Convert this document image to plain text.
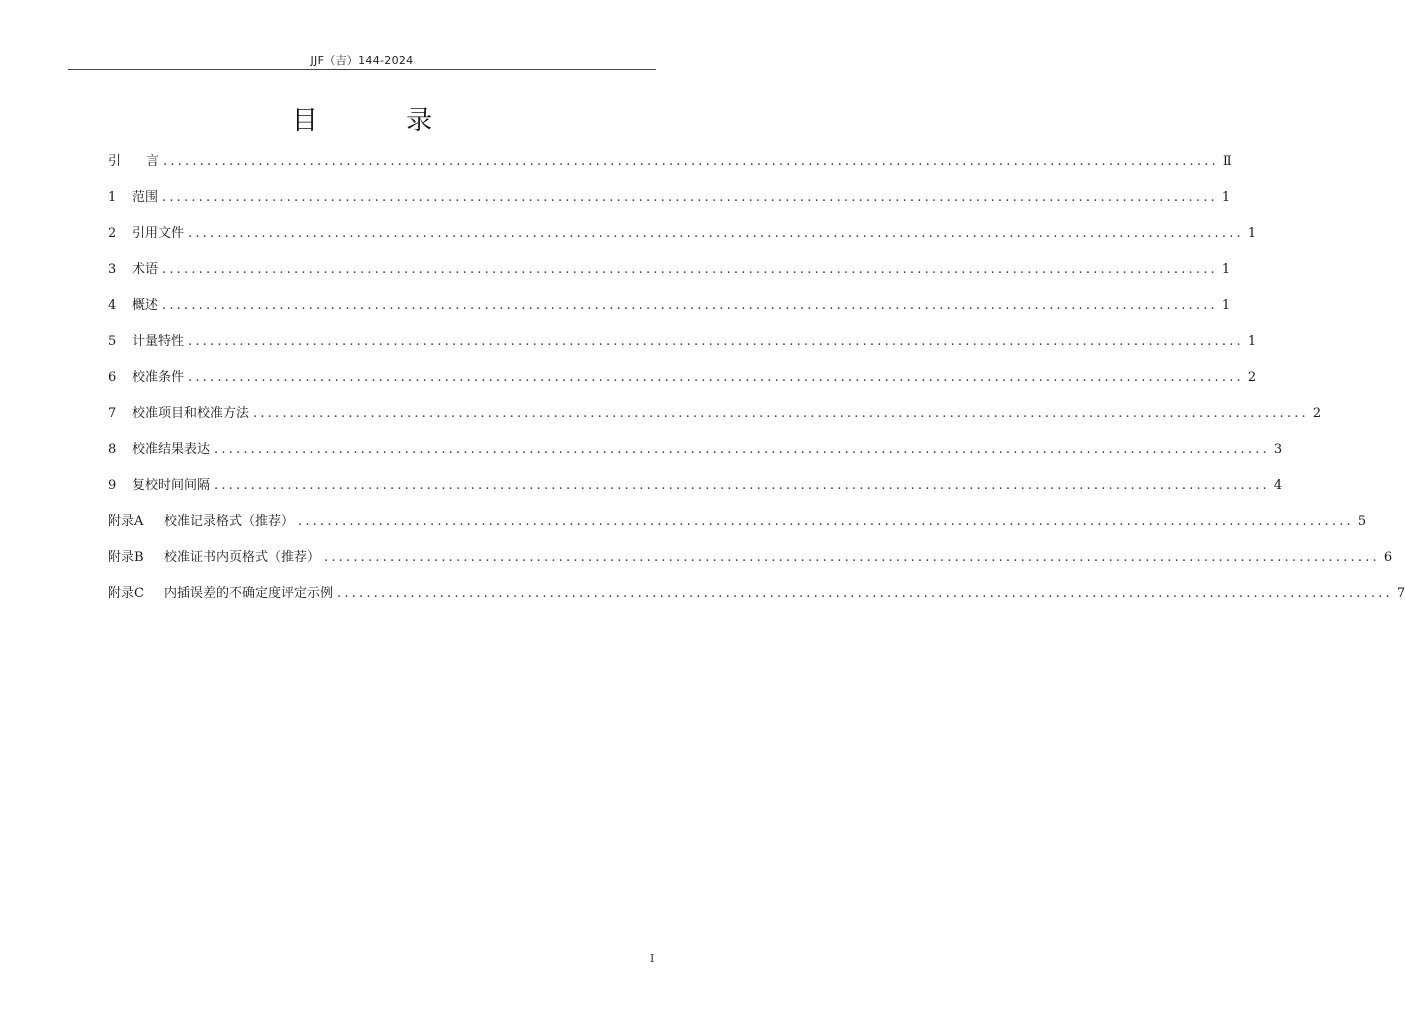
JJF（吉）144-2024
目 录
引 言 ................................................................................................................................................ Ⅱ
1 范围 ................................................................................................................................................ 1
2 引用文件 ................................................................................................................................................ 1
3 术语 ................................................................................................................................................ 1
4 概述 ................................................................................................................................................ 1
5 计量特性 ................................................................................................................................................ 1
6 校准条件 ................................................................................................................................................ 2
7 校准项目和校准方法 ................................................................................................................................................ 2
8 校准结果表达 ................................................................................................................................................ 3
9 复校时间间隔 ................................................................................................................................................ 4
附录A 校准记录格式（推荐） ................................................................................................................................................ 5
附录B 校准证书内页格式（推荐） ................................................................................................................................................ 6
附录C 内插误差的不确定度评定示例 ................................................................................................................................................ 7
I
